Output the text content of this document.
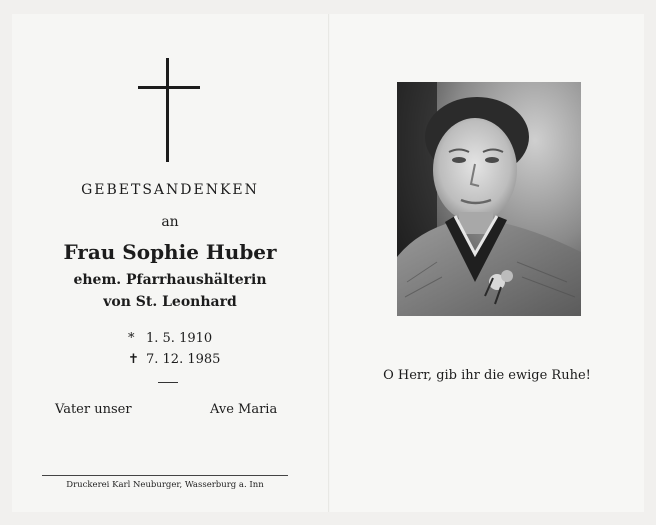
GEBETSANDENKEN
an
Frau Sophie Huber
ehem. Pfarrhaushälterin
von St. Leonhard
* 1. 5. 1910
✝ 7. 12. 1985
Vater unser	Ave Maria
Druckerei Karl Neuburger, Wasserburg a. Inn
O Herr, gib ihr die ewige Ruhe!
